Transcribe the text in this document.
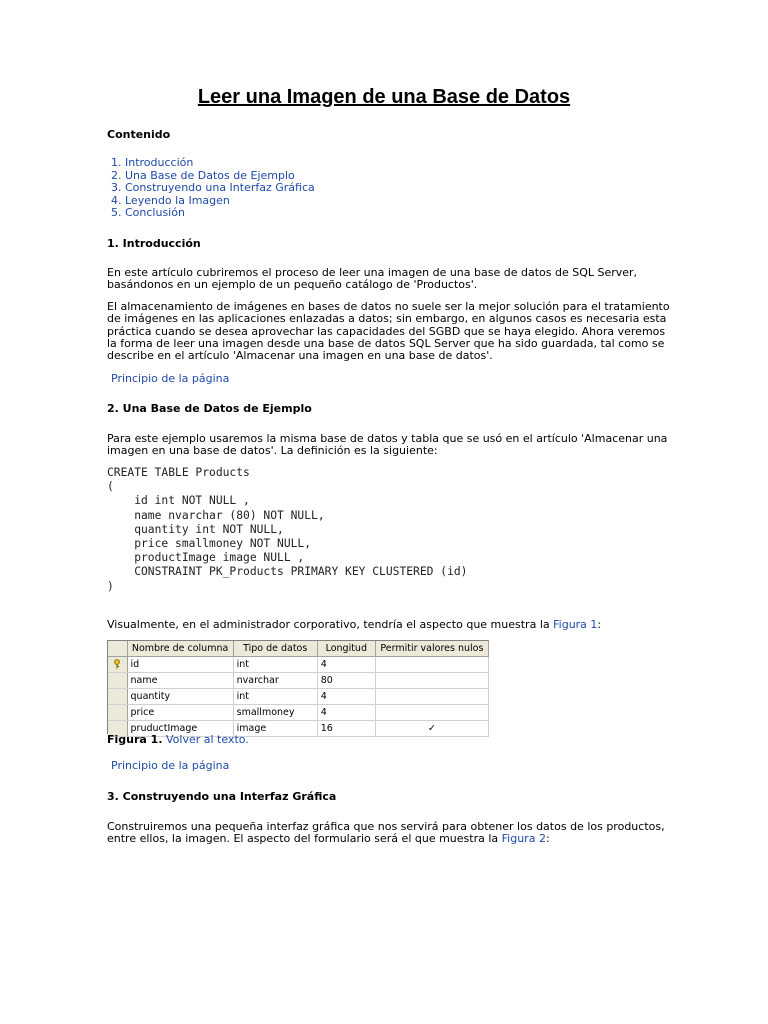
Leer una Imagen de una Base de Datos
Contenido
1. Introducción
2. Una Base de Datos de Ejemplo
3. Construyendo una Interfaz Gráfica
4. Leyendo la Imagen
5. Conclusión
1. Introducción

En este artículo cubriremos el proceso de leer una imagen de una base de datos de SQL Server, basándonos en un ejemplo de un pequeño catálogo de 'Productos'.

El almacenamiento de imágenes en bases de datos no suele ser la mejor solución para el tratamiento de imágenes en las aplicaciones enlazadas a datos; sin embargo, en algunos casos es necesaria esta práctica cuando se desea aprovechar las capacidades del SGBD que se haya elegido. Ahora veremos la forma de leer una imagen desde una base de datos SQL Server que ha sido guardada, tal como se describe en el artículo 'Almacenar una imagen en una base de datos'.

Principio de la página
2. Una Base de Datos de Ejemplo

Para este ejemplo usaremos la misma base de datos y tabla que se usó en el artículo 'Almacenar una imagen en una base de datos'. La definición es la siguiente:

CREATE TABLE Products
(
id int NOT NULL ,
name nvarchar (80) NOT NULL,
quantity int NOT NULL,
price smallmoney NOT NULL,
productImage image NULL ,
CONSTRAINT PK_Products PRIMARY KEY CLUSTERED (id)
)

Visualmente, en el administrador corporativo, tendría el aspecto que muestra la Figura 1:

	Nombre de columna	Tipo de datos	Longitud	Permitir valores nulos
	id	int	4	
	name	nvarchar	80	
	quantity	int	4	
	price	smallmoney	4	
	pruductImage	image	16	✓
Figura 1. Volver al texto.
Principio de la página
3. Construyendo una Interfaz Gráfica

Construiremos una pequeña interfaz gráfica que nos servirá para obtener los datos de los productos, entre ellos, la imagen. El aspecto del formulario será el que muestra la Figura 2:
